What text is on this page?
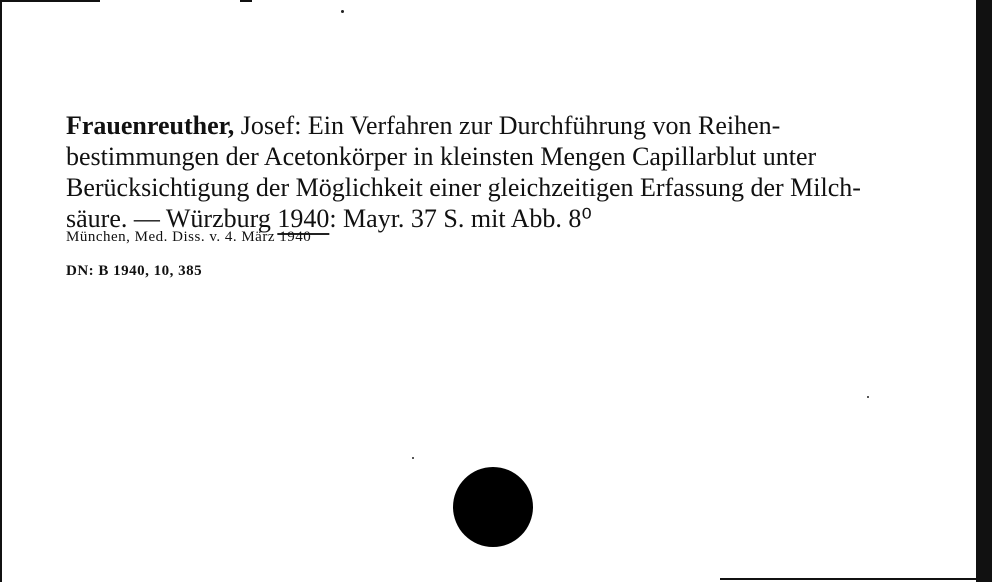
Frauenreuther, Josef: Ein Verfahren zur Durchführung von Reihen-
bestimmungen der Acetonkörper in kleinsten Mengen Capillarblut unter
Berücksichtigung der Möglichkeit einer gleichzeitigen Erfassung der Milch-
säure. — Würzburg 1940: Mayr. 37 S. mit Abb. 8⁰
München, Med. Diss. v. 4. März 1940
DN: B 1940, 10, 385
